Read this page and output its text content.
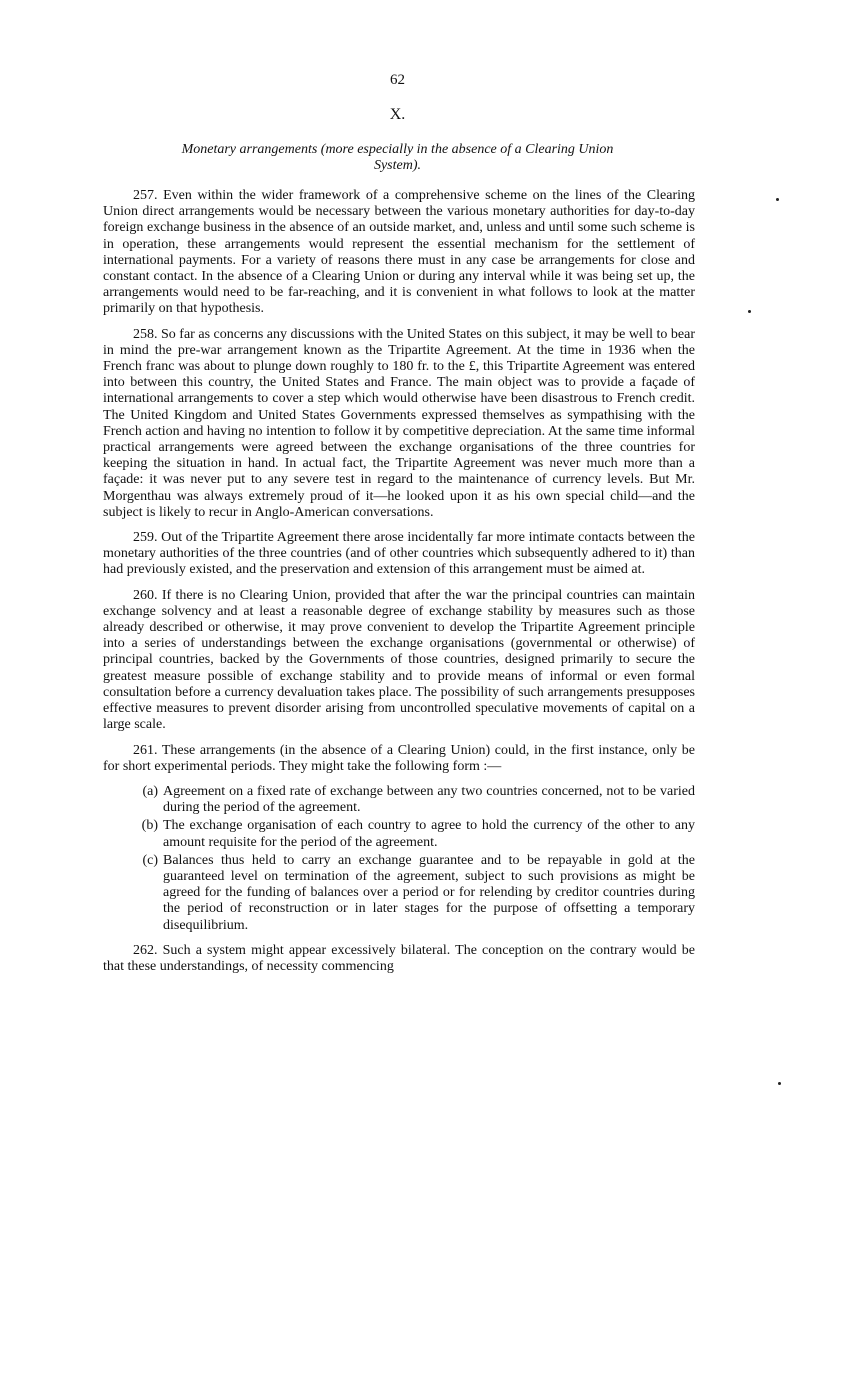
62
X.
Monetary arrangements (more especially in the absence of a Clearing Union System).

257. Even within the wider framework of a comprehensive scheme on the lines of the Clearing Union direct arrangements would be necessary between the various monetary authorities for day-to-day foreign exchange business in the absence of an outside market, and, unless and until some such scheme is in operation, these arrangements would represent the essential mechanism for the settlement of international payments. For a variety of reasons there must in any case be arrangements for close and constant contact. In the absence of a Clearing Union or during any interval while it was being set up, the arrangements would need to be far-reaching, and it is convenient in what follows to look at the matter primarily on that hypothesis.

258. So far as concerns any discussions with the United States on this subject, it may be well to bear in mind the pre-war arrangement known as the Tripartite Agreement. At the time in 1936 when the French franc was about to plunge down roughly to 180 fr. to the £, this Tripartite Agreement was entered into between this country, the United States and France. The main object was to provide a façade of international arrangements to cover a step which would otherwise have been disastrous to French credit. The United Kingdom and United States Governments expressed themselves as sympathising with the French action and having no intention to follow it by competitive depreciation. At the same time informal practical arrangements were agreed between the exchange organisations of the three countries for keeping the situation in hand. In actual fact, the Tripartite Agreement was never much more than a façade: it was never put to any severe test in regard to the maintenance of currency levels. But Mr. Morgenthau was always extremely proud of it—he looked upon it as his own special child—and the subject is likely to recur in Anglo-American conversations.

259. Out of the Tripartite Agreement there arose incidentally far more intimate contacts between the monetary authorities of the three countries (and of other countries which subsequently adhered to it) than had previously existed, and the preservation and extension of this arrangement must be aimed at.

260. If there is no Clearing Union, provided that after the war the principal countries can maintain exchange solvency and at least a reasonable degree of exchange stability by measures such as those already described or otherwise, it may prove convenient to develop the Tripartite Agreement principle into a series of understandings between the exchange organisations (governmental or otherwise) of principal countries, backed by the Governments of those countries, designed primarily to secure the greatest measure possible of exchange stability and to provide means of informal or even formal consultation before a currency devaluation takes place. The possibility of such arrangements presupposes effective measures to prevent disorder arising from uncontrolled speculative movements of capital on a large scale.

261. These arrangements (in the absence of a Clearing Union) could, in the first instance, only be for short experimental periods. They might take the following form :—

(a) Agreement on a fixed rate of exchange between any two countries concerned, not to be varied during the period of the agreement.
(b) The exchange organisation of each country to agree to hold the currency of the other to any amount requisite for the period of the agreement.
(c) Balances thus held to carry an exchange guarantee and to be repayable in gold at the guaranteed level on termination of the agreement, subject to such provisions as might be agreed for the funding of balances over a period or for relending by creditor countries during the period of reconstruction or in later stages for the purpose of offsetting a temporary disequilibrium.

262. Such a system might appear excessively bilateral. The conception on the contrary would be that these understandings, of necessity commencing
